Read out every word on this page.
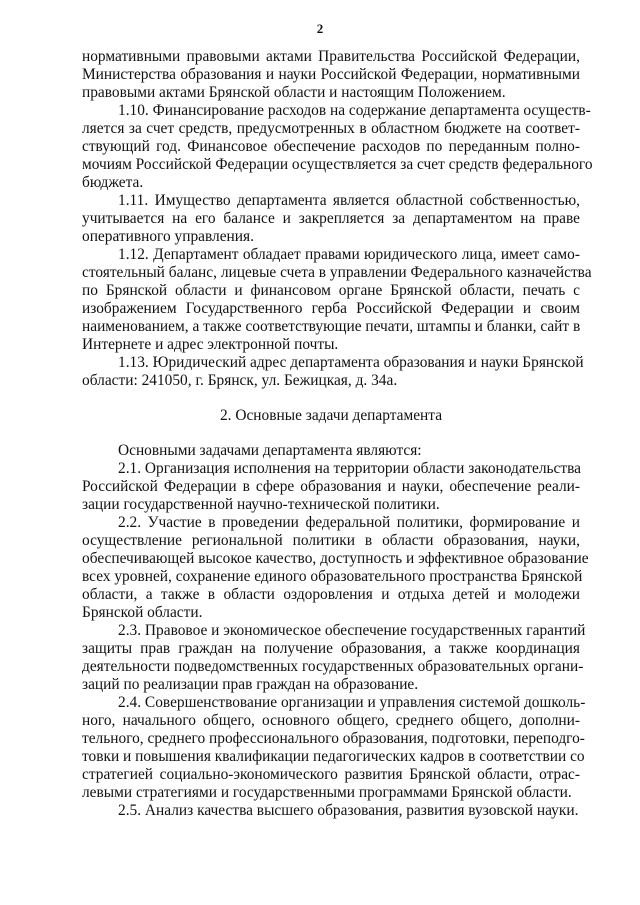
2
нормативными правовыми актами Правительства Российской Федерации,
Министерства образования и науки Российской Федерации, нормативными
правовыми актами Брянской области и настоящим Положением.
1.10. Финансирование расходов на содержание департамента осуществ-
ляется за счет средств, предусмотренных в областном бюджете на соответ-
ствующий год. Финансовое обеспечение расходов по переданным полно-
мочиям Российской Федерации осуществляется за счет средств федерального
бюджета.
1.11. Имущество департамента является областной собственностью,
учитывается на его балансе и закрепляется за департаментом на праве
оперативного управления.
1.12. Департамент обладает правами юридического лица, имеет само-
стоятельный баланс, лицевые счета в управлении Федерального казначейства
по Брянской области и финансовом органе Брянской области, печать с
изображением Государственного герба Российской Федерации и своим
наименованием, а также соответствующие печати, штампы и бланки, сайт в
Интернете и адрес электронной почты.
1.13. Юридический адрес департамента образования и науки Брянской
области: 241050, г. Брянск, ул. Бежицкая, д. 34а.
2. Основные задачи департамента
Основными задачами департамента являются:
2.1. Организация исполнения на территории области законодательства
Российской Федерации в сфере образования и науки, обеспечение реали-
зации государственной научно-технической политики.
2.2. Участие в проведении федеральной политики, формирование и
осуществление региональной политики в области образования, науки,
обеспечивающей высокое качество, доступность и эффективное образование
всех уровней, сохранение единого образовательного пространства Брянской
области, а также в области оздоровления и отдыха детей и молодежи
Брянской области.
2.3. Правовое и экономическое обеспечение государственных гарантий
защиты прав граждан на получение образования, а также координация
деятельности подведомственных государственных образовательных органи-
заций по реализации прав граждан на образование.
2.4. Совершенствование организации и управления системой дошколь-
ного, начального общего, основного общего, среднего общего, дополни-
тельного, среднего профессионального образования, подготовки, переподго-
товки и повышения квалификации педагогических кадров в соответствии со
стратегией социально-экономического развития Брянской области, отрас-
левыми стратегиями и государственными программами Брянской области.
2.5. Анализ качества высшего образования, развития вузовской науки.
